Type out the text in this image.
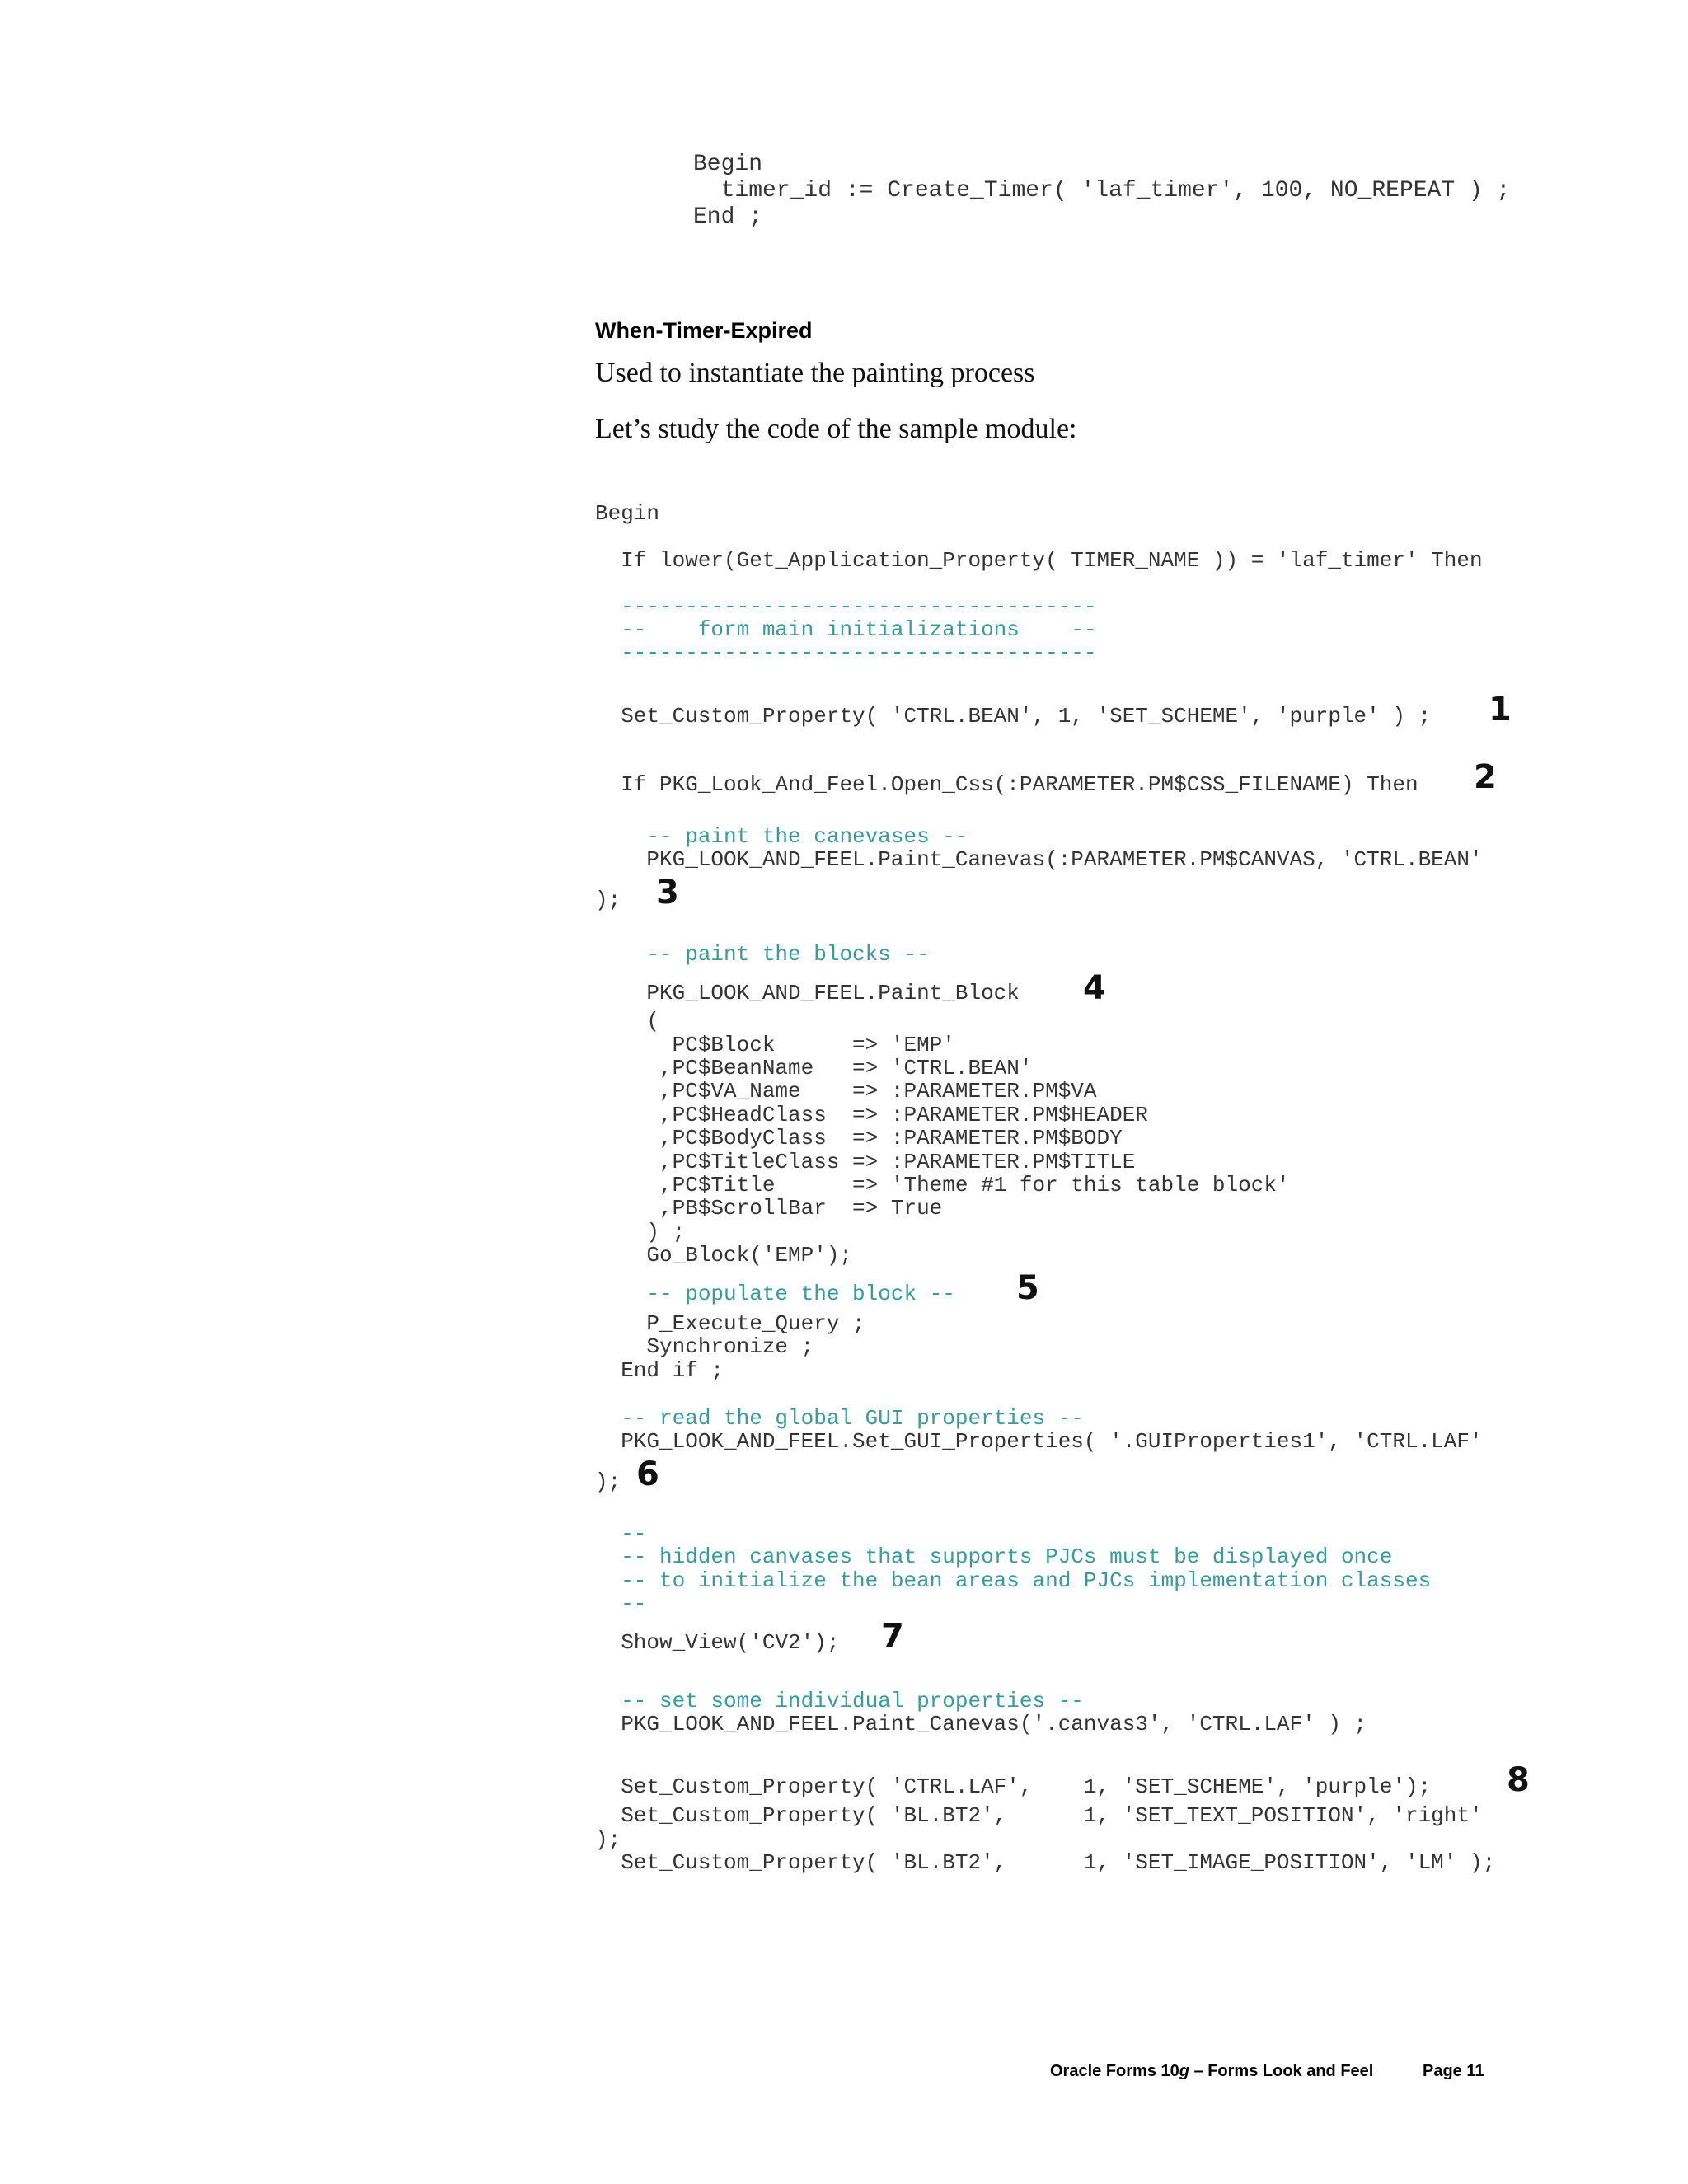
Begin
timer_id := Create_Timer( 'laf_timer', 100, NO_REPEAT ) ;
End ;
When-Timer-Expired
Used to instantiate the painting process
Let’s study the code of the sample module:
Begin
If lower(Get_Application_Property( TIMER_NAME )) = 'laf_timer' Then
-------------------------------------
--    form main initializations    --
-------------------------------------
Set_Custom_Property( 'CTRL.BEAN', 1, 'SET_SCHEME', 'purple' ) ; 1
If PKG_Look_And_Feel.Open_Css(:PARAMETER.PM$CSS_FILENAME) Then 2
-- paint the canevases --
PKG_LOOK_AND_FEEL.Paint_Canevas(:PARAMETER.PM$CANVAS, 'CTRL.BEAN'
); 3
-- paint the blocks --
PKG_LOOK_AND_FEEL.Paint_Block 4
(
PC$Block      => 'EMP'
,PC$BeanName   => 'CTRL.BEAN'
,PC$VA_Name    => :PARAMETER.PM$VA
,PC$HeadClass  => :PARAMETER.PM$HEADER
,PC$BodyClass  => :PARAMETER.PM$BODY
,PC$TitleClass => :PARAMETER.PM$TITLE
,PC$Title      => 'Theme #1 for this table block'
,PB$ScrollBar  => True
) ;
Go_Block('EMP');
-- populate the block -- 5
P_Execute_Query ;
Synchronize ;
End if ;
-- read the global GUI properties --
PKG_LOOK_AND_FEEL.Set_GUI_Properties( '.GUIProperties1', 'CTRL.LAF'
); 6
--
-- hidden canvases that supports PJCs must be displayed once
-- to initialize the bean areas and PJCs implementation classes
--
Show_View('CV2'); 7
-- set some individual properties --
PKG_LOOK_AND_FEEL.Paint_Canevas('.canvas3', 'CTRL.LAF' ) ;
Set_Custom_Property( 'CTRL.LAF',    1, 'SET_SCHEME', 'purple'); 8
Set_Custom_Property( 'BL.BT2',      1, 'SET_TEXT_POSITION', 'right'
);
Set_Custom_Property( 'BL.BT2',      1, 'SET_IMAGE_POSITION', 'LM' );
Oracle Forms 10g – Forms Look and Feel	Page 11
